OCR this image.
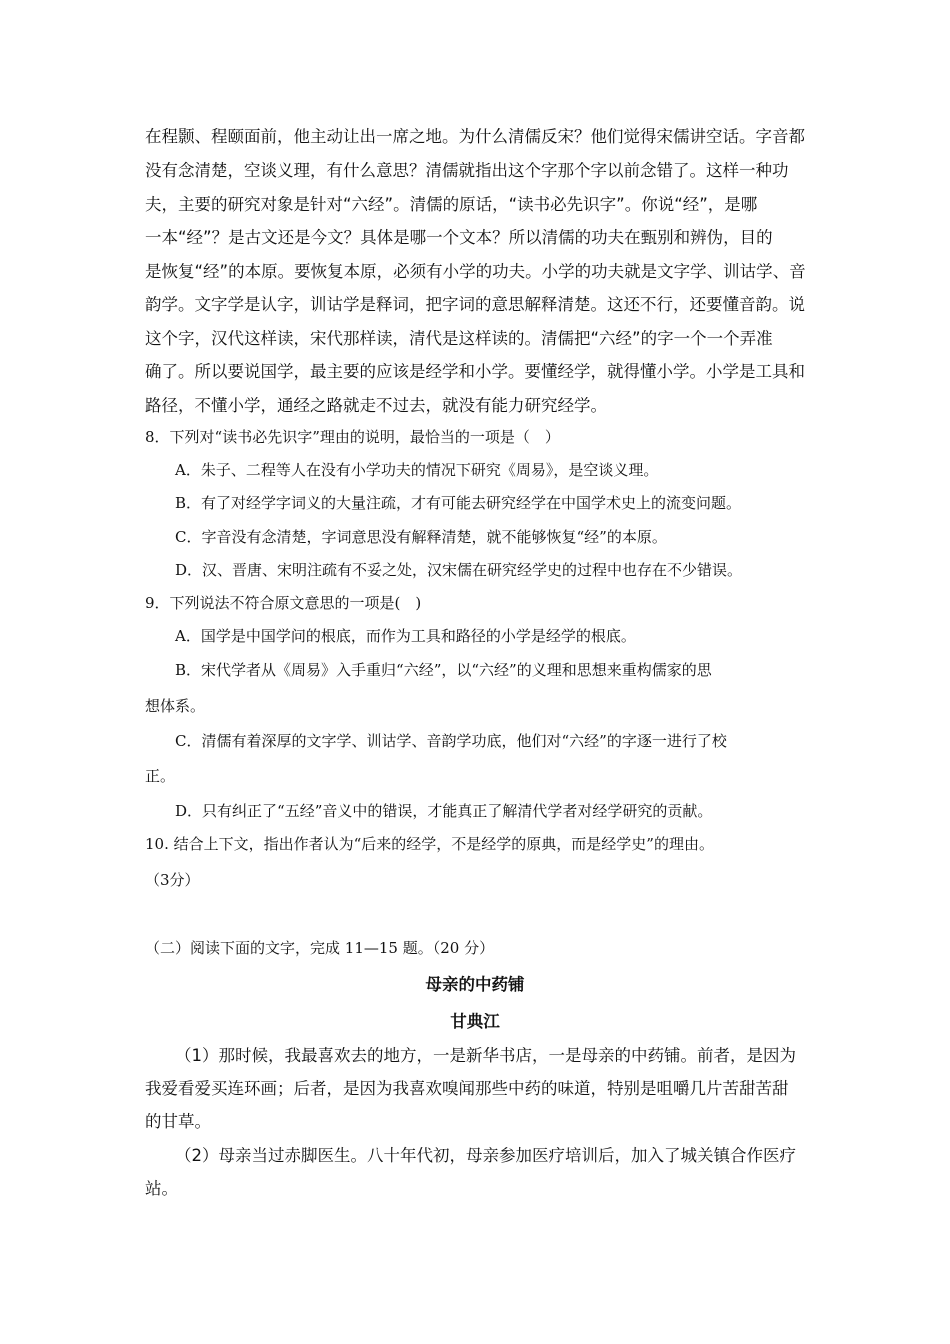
在程颢、程颐面前，他主动让出一席之地。为什么清儒反宋？他们觉得宋儒讲空话。字音都
没有念清楚，空谈义理，有什么意思？清儒就指出这个字那个字以前念错了。这样一种功
夫，主要的研究对象是针对“六经”。清儒的原话，“读书必先识字”。你说“经”，是哪
一本“经”？是古文还是今文？具体是哪一个文本？所以清儒的功夫在甄别和辨伪，目的
是恢复“经”的本原。要恢复本原，必须有小学的功夫。小学的功夫就是文字学、训诂学、音
韵学。文字学是认字，训诂学是释词，把字词的意思解释清楚。这还不行，还要懂音韵。说
这个字，汉代这样读，宋代那样读，清代是这样读的。清儒把“六经”的字一个一个弄准
确了。所以要说国学，最主要的应该是经学和小学。要懂经学，就得懂小学。小学是工具和
路径，不懂小学，通经之路就走不过去，就没有能力研究经学。
8．下列对“读书必先识字”理由的说明，最恰当的一项是（　）
A．朱子、二程等人在没有小学功夫的情况下研究《周易》，是空谈义理。
B．有了对经学字词义的大量注疏，才有可能去研究经学在中国学术史上的流变问题。
C．字音没有念清楚，字词意思没有解释清楚，就不能够恢复“经”的本原。
D．汉、晋唐、宋明注疏有不妥之处，汉宋儒在研究经学史的过程中也存在不少错误。
9．下列说法不符合原文意思的一项是(　)
A．国学是中国学问的根底，而作为工具和路径的小学是经学的根底。
B．宋代学者从《周易》入手重归“六经”，以“六经”的义理和思想来重构儒家的思
想体系。
C．清儒有着深厚的文字学、训诂学、音韵学功底，他们对“六经”的字逐一进行了校
正。
D．只有纠正了“五经”音义中的错误，才能真正了解清代学者对经学研究的贡献。
10. 结合上下文，指出作者认为“后来的经学，不是经学的原典，而是经学史”的理由。
（3分）
（二）阅读下面的文字，完成 11—15 题。（20 分）
母亲的中药铺
甘典江
（1）那时候，我最喜欢去的地方，一是新华书店，一是母亲的中药铺。前者，是因为
我爱看爱买连环画；后者，是因为我喜欢嗅闻那些中药的味道，特别是咀嚼几片苦甜苦甜
的甘草。
（2）母亲当过赤脚医生。八十年代初，母亲参加医疗培训后，加入了城关镇合作医疗
站。
